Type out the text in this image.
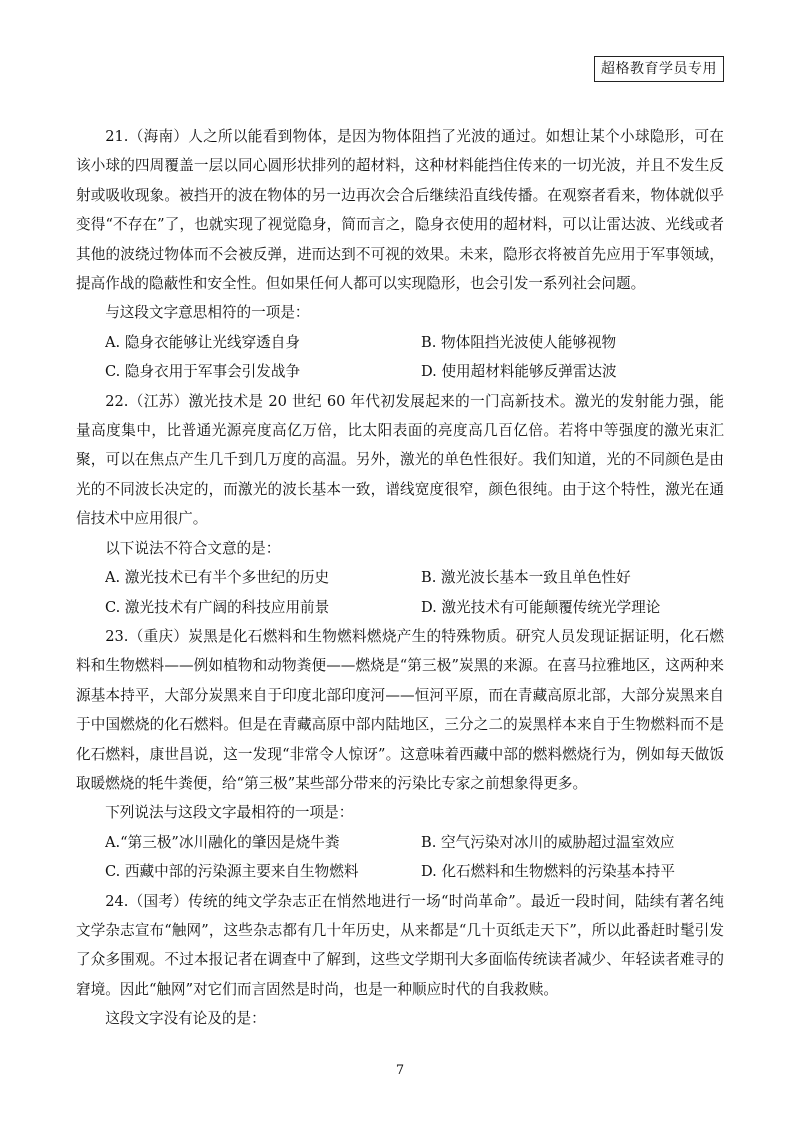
超格教育学员专用

21.（海南）人之所以能看到物体，是因为物体阻挡了光波的通过。如想让某个小球隐形，可在该小球的四周覆盖一层以同心圆形状排列的超材料，这种材料能挡住传来的一切光波，并且不发生反射或吸收现象。被挡开的波在物体的另一边再次会合后继续沿直线传播。在观察者看来，物体就似乎变得“不存在”了，也就实现了视觉隐身，简而言之，隐身衣使用的超材料，可以让雷达波、光线或者其他的波绕过物体而不会被反弹，进而达到不可视的效果。未来，隐形衣将被首先应用于军事领域，提高作战的隐蔽性和安全性。但如果任何人都可以实现隐形，也会引发一系列社会问题。

与这段文字意思相符的一项是：

A. 隐身衣能够让光线穿透自身	B. 物体阻挡光波使人能够视物
C. 隐身衣用于军事会引发战争	D. 使用超材料能够反弹雷达波

22.（江苏）激光技术是 20 世纪 60 年代初发展起来的一门高新技术。激光的发射能力强，能量高度集中，比普通光源亮度高亿万倍，比太阳表面的亮度高几百亿倍。若将中等强度的激光束汇聚，可以在焦点产生几千到几万度的高温。另外，激光的单色性很好。我们知道，光的不同颜色是由光的不同波长决定的，而激光的波长基本一致，谱线宽度很窄，颜色很纯。由于这个特性，激光在通信技术中应用很广。

以下说法不符合文意的是：

A. 激光技术已有半个多世纪的历史	B. 激光波长基本一致且单色性好
C. 激光技术有广阔的科技应用前景	D. 激光技术有可能颠覆传统光学理论

23.（重庆）炭黑是化石燃料和生物燃料燃烧产生的特殊物质。研究人员发现证据证明，化石燃料和生物燃料——例如植物和动物粪便——燃烧是“第三极”炭黑的来源。在喜马拉雅地区，这两种来源基本持平，大部分炭黑来自于印度北部印度河——恒河平原，而在青藏高原北部，大部分炭黑来自于中国燃烧的化石燃料。但是在青藏高原中部内陆地区，三分之二的炭黑样本来自于生物燃料而不是化石燃料，康世昌说，这一发现“非常令人惊讶”。这意味着西藏中部的燃料燃烧行为，例如每天做饭取暖燃烧的牦牛粪便，给“第三极”某些部分带来的污染比专家之前想象得更多。

下列说法与这段文字最相符的一项是：

A.“第三极”冰川融化的肇因是烧牛粪	B. 空气污染对冰川的威胁超过温室效应
C. 西藏中部的污染源主要来自生物燃料	D. 化石燃料和生物燃料的污染基本持平

24.（国考）传统的纯文学杂志正在悄然地进行一场“时尚革命”。最近一段时间，陆续有著名纯文学杂志宣布“触网”，这些杂志都有几十年历史，从来都是“几十页纸走天下”，所以此番赶时髦引发了众多围观。不过本报记者在调查中了解到，这些文学期刊大多面临传统读者减少、年轻读者难寻的窘境。因此“触网”对它们而言固然是时尚，也是一种顺应时代的自我救赎。

这段文字没有论及的是：

7
